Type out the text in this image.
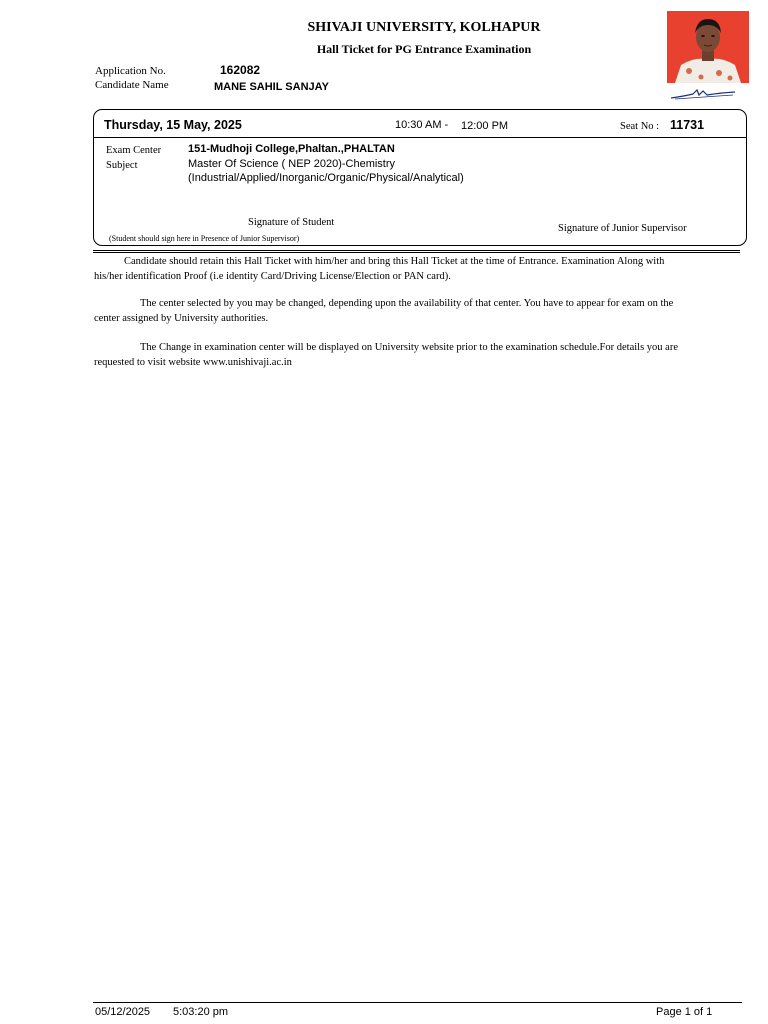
SHIVAJI UNIVERSITY, KOLHAPUR
Hall Ticket for PG Entrance Examination
Application No.	162082
Candidate Name	MANE SAHIL SANJAY
Thursday, 15 May, 2025	10:30 AM - 12:00 PM	Seat No : 11731
Exam Center 151-Mudhoji College,Phaltan.,PHALTAN
Subject	Master Of Science ( NEP 2020)-Chemistry
(Industrial/Applied/Inorganic/Organic/Physical/Analytical)
Signature of Student
(Student should sign here in Presence of Junior Supervisor)
Signature of Junior Supervisor
Candidate should retain this Hall Ticket with him/her and bring this Hall Ticket at the time of Entrance. Examination Along with his/her identification Proof (i.e identity Card/Driving License/Election or PAN card).
The center selected by you may be changed, depending upon the availability of that center. You have to appear for exam on the center assigned by University authorities.
The Change in examination center will be displayed on University website prior to the examination schedule.For details you are requested to visit website www.unishivaji.ac.in
05/12/2025 5:03:20 pm	Page 1 of 1
